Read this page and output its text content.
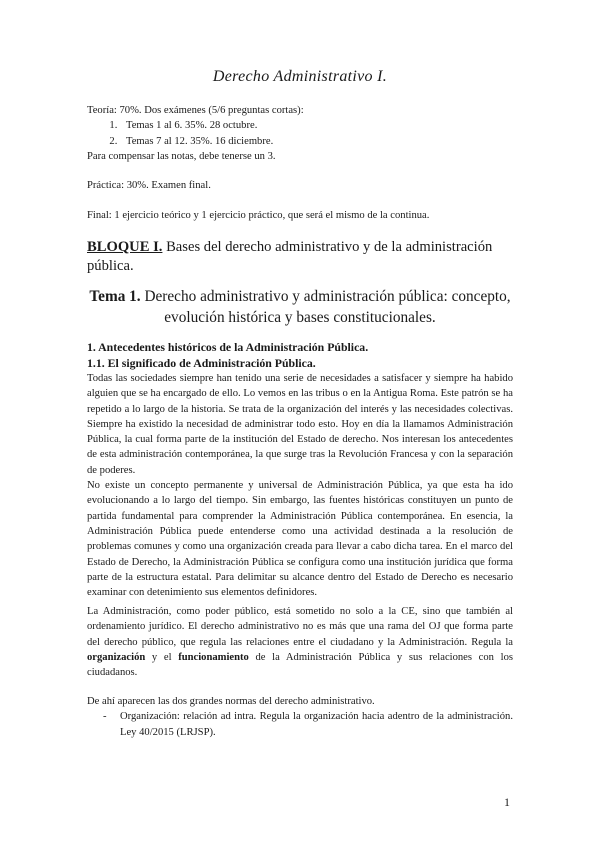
Derecho Administrativo I.

Teoría: 70%. Dos exámenes (5/6 preguntas cortas):

1. Temas 1 al 6. 35%. 28 octubre.
2. Temas 7 al 12. 35%. 16 diciembre.

Para compensar las notas, debe tenerse un 3.

Práctica: 30%. Examen final.

Final: 1 ejercicio teórico y 1 ejercicio práctico, que será el mismo de la continua.

BLOQUE I. Bases del derecho administrativo y de la administración pública.

Tema 1. Derecho administrativo y administración pública: concepto, evolución histórica y bases constitucionales.

1. Antecedentes históricos de la Administración Pública.

1.1. El significado de Administración Pública.

Todas las sociedades siempre han tenido una serie de necesidades a satisfacer y siempre ha habido alguien que se ha encargado de ello. Lo vemos en las tribus o en la Antigua Roma. Este patrón se ha repetido a lo largo de la historia. Se trata de la organización del interés y las necesidades colectivas. Siempre ha existido la necesidad de administrar todo esto. Hoy en día la llamamos Administración Pública, la cual forma parte de la institución del Estado de derecho. Nos interesan los antecedentes de esta administración contemporánea, la que surge tras la Revolución Francesa y con la separación de poderes.

No existe un concepto permanente y universal de Administración Pública, ya que esta ha ido evolucionando a lo largo del tiempo. Sin embargo, las fuentes históricas constituyen un punto de partida fundamental para comprender la Administración Pública contemporánea. En esencia, la Administración Pública puede entenderse como una actividad destinada a la resolución de problemas comunes y como una organización creada para llevar a cabo dicha tarea. En el marco del Estado de Derecho, la Administración Pública se configura como una institución jurídica que forma parte de la estructura estatal. Para delimitar su alcance dentro del Estado de Derecho es necesario examinar con detenimiento sus elementos definidores.

La Administración, como poder público, está sometido no solo a la CE, sino que también al ordenamiento jurídico. El derecho administrativo no es más que una rama del OJ que forma parte del derecho público, que regula las relaciones entre el ciudadano y la Administración. Regula la organización y el funcionamiento de la Administración Pública y sus relaciones con los ciudadanos.

De ahí aparecen las dos grandes normas del derecho administrativo.

- Organización: relación ad intra. Regula la organización hacia adentro de la administración. Ley 40/2015 (LRJSP).
1
